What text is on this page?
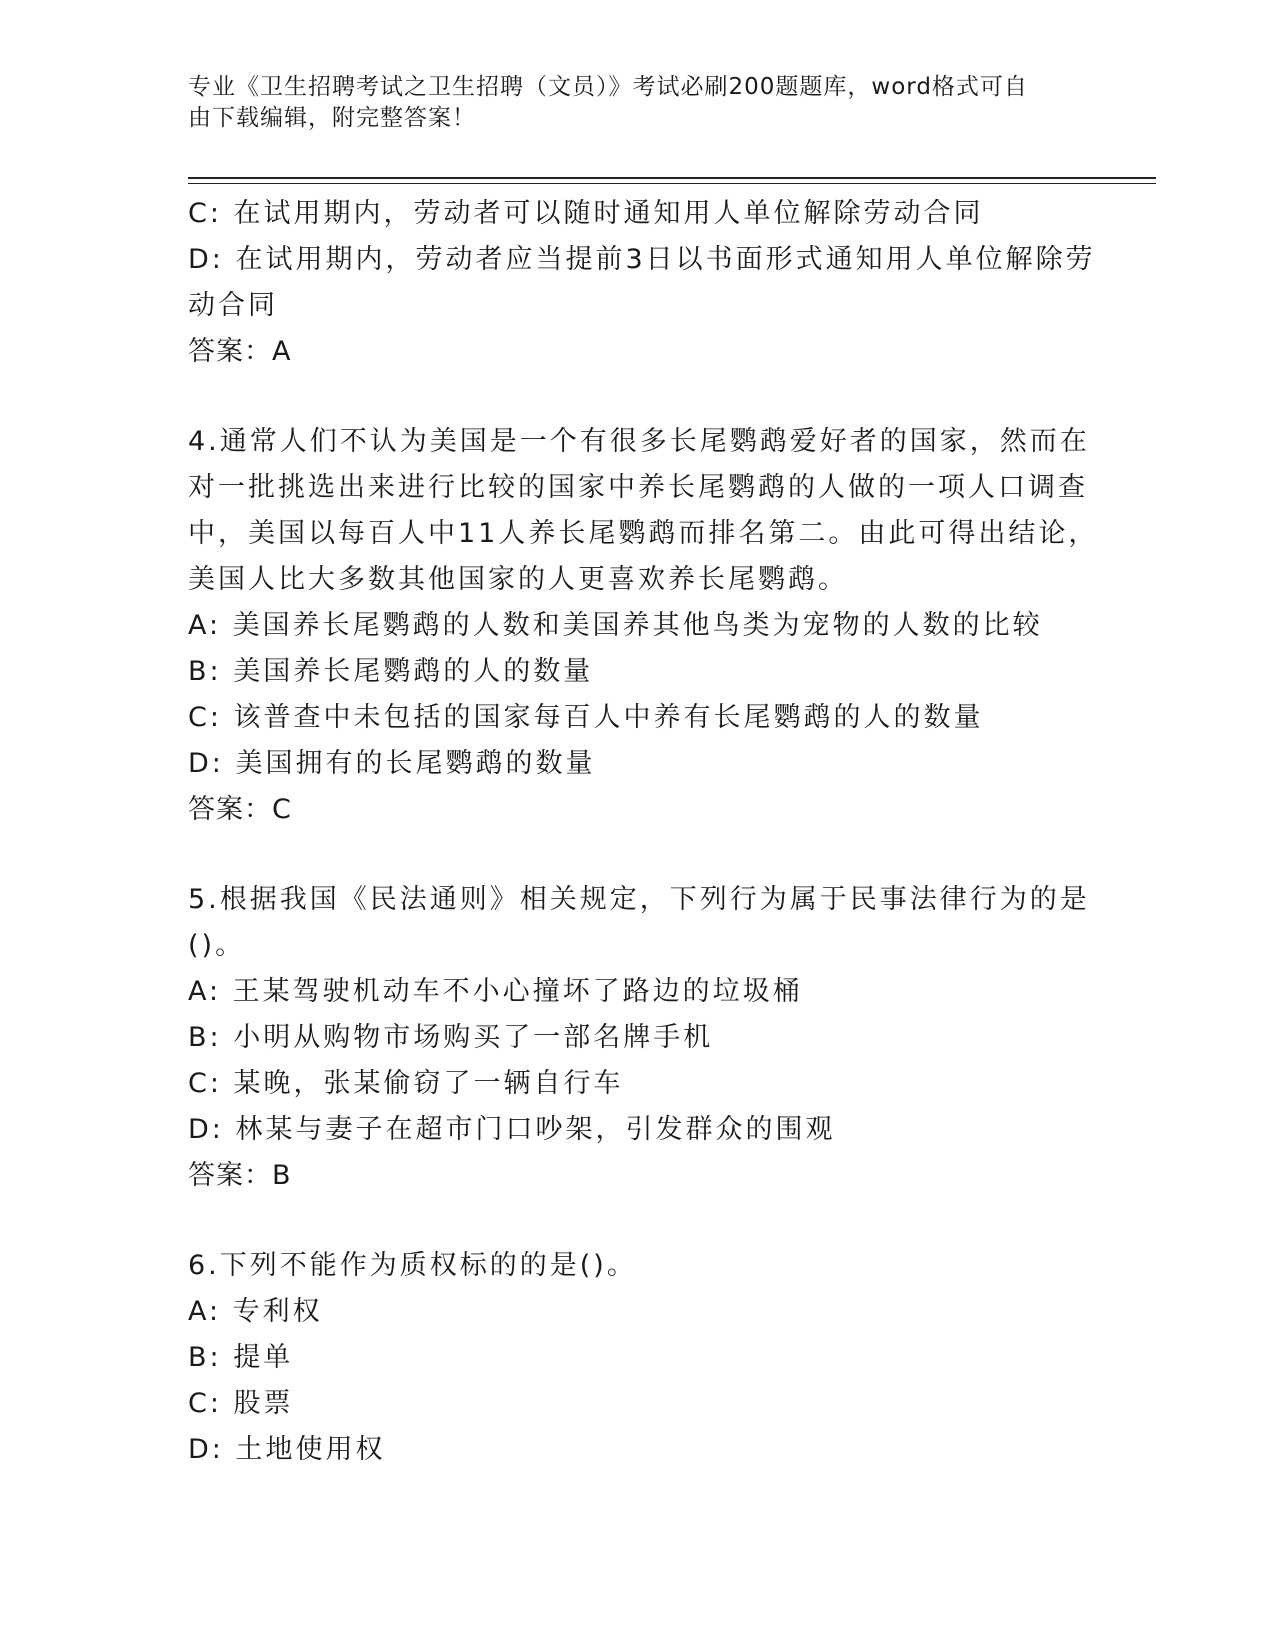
专业《卫生招聘考试之卫生招聘（文员）》考试必刷200题题库，word格式可自
由下载编辑，附完整答案！
C: 在试用期内，劳动者可以随时通知用人单位解除劳动合同
D: 在试用期内，劳动者应当提前3日以书面形式通知用人单位解除劳
动合同
答案：A
4.通常人们不认为美国是一个有很多长尾鹦鹉爱好者的国家，然而在
对一批挑选出来进行比较的国家中养长尾鹦鹉的人做的一项人口调查
中，美国以每百人中11人养长尾鹦鹉而排名第二。由此可得出结论，
美国人比大多数其他国家的人更喜欢养长尾鹦鹉。
A: 美国养长尾鹦鹉的人数和美国养其他鸟类为宠物的人数的比较
B: 美国养长尾鹦鹉的人的数量
C: 该普查中未包括的国家每百人中养有长尾鹦鹉的人的数量
D: 美国拥有的长尾鹦鹉的数量
答案：C
5.根据我国《民法通则》相关规定，下列行为属于民事法律行为的是
()。
A: 王某驾驶机动车不小心撞坏了路边的垃圾桶
B: 小明从购物市场购买了一部名牌手机
C: 某晚，张某偷窃了一辆自行车
D: 林某与妻子在超市门口吵架，引发群众的围观
答案：B
6.下列不能作为质权标的的是()。
A: 专利权
B: 提单
C: 股票
D: 土地使用权
